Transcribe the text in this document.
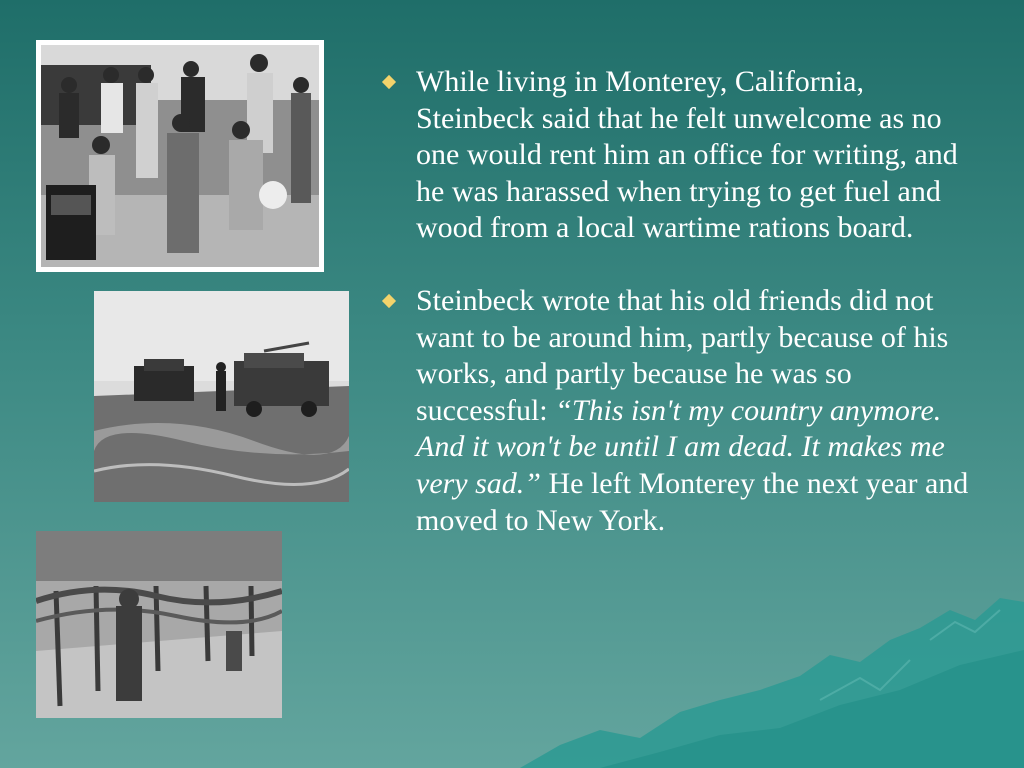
While living in Monterey, California, Steinbeck said that he felt unwelcome as no one would rent him an office for writing, and he was harassed when trying to get fuel and wood from a local wartime rations board.
Steinbeck wrote that his old friends did not want to be around him, partly because of his works, and partly because he was so successful: “This isn't my country anymore. And it won't be until I am dead. It makes me very sad.” He left Monterey the next year and moved to New York.
